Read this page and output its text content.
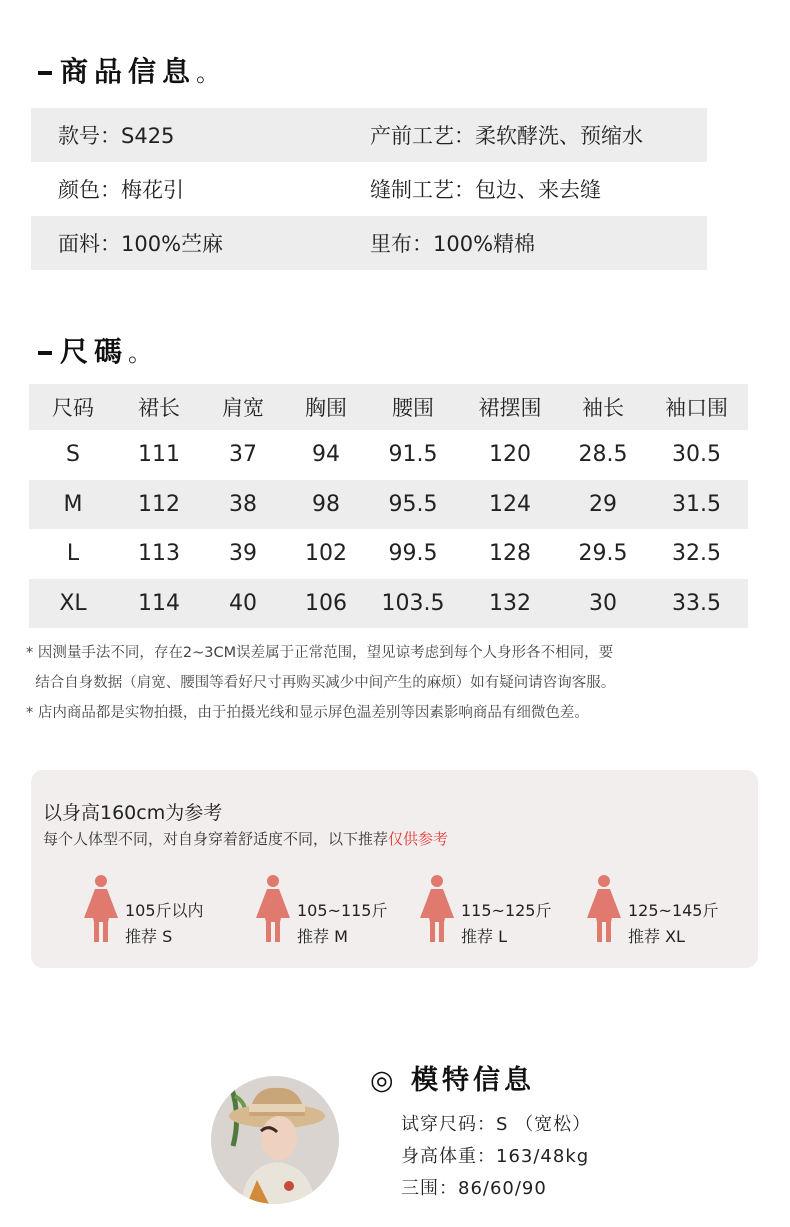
商品信息。
款号：S425	产前工艺：柔软酵洗、预缩水
颜色：梅花引	缝制工艺：包边、来去缝
面料：100%苎麻	里布：100%精棉
尺碼。
尺码	裙长	肩宽	胸围	腰围	裙摆围	袖长	袖口围
S	111	37	94	91.5	120	28.5	30.5
M	112	38	98	95.5	124	29	31.5
L	113	39	102	99.5	128	29.5	32.5
XL	114	40	106	103.5	132	30	33.5
* 因测量手法不同，存在2~3CM误差属于正常范围，望见谅考虑到每个人身形各不相同，要
结合自身数据（肩宽、腰围等看好尺寸再购买减少中间产生的麻烦）如有疑问请咨询客服。
* 店内商品都是实物拍摄，由于拍摄光线和显示屏色温差别等因素影响商品有细微色差。
以身高160cm为参考
每个人体型不同，对自身穿着舒适度不同，以下推荐仅供参考
105斤以内
推荐 S
105~115斤
推荐 M
115~125斤
推荐 L
125~145斤
推荐 XL
◎ 模特信息
试穿尺码：S （宽松）
身高体重：163/48kg
三围：86/60/90
